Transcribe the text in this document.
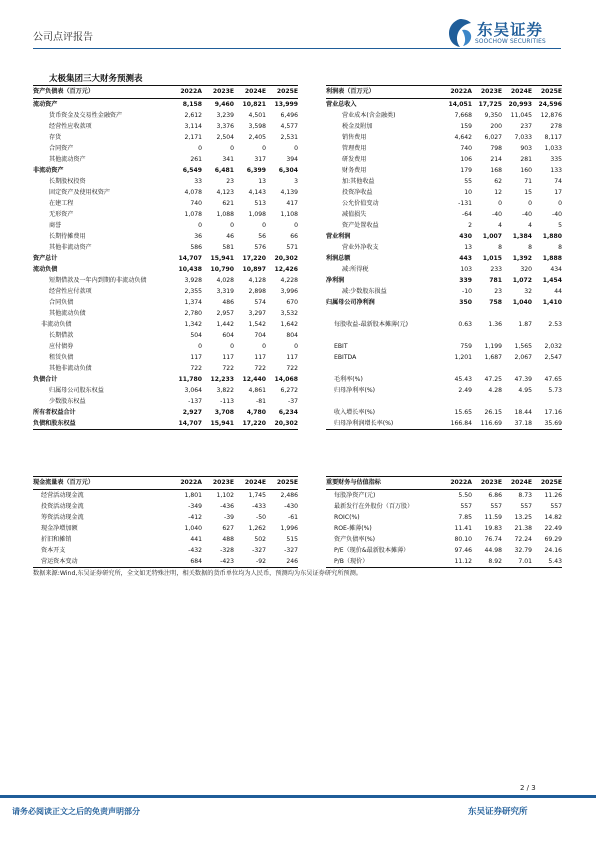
公司点评报告	东吴证券
SOOCHOW SECURITIES
太极集团三大财务预测表
资产负债表（百万元）	2022A	2023E	2024E	2025E
流动资产	8,158	9,460	10,821	13,999
货币资金及交易性金融资产	2,612	3,239	4,501	6,496
经营性应收款项	3,114	3,376	3,598	4,577
存货	2,171	2,504	2,405	2,531
合同资产	0	0	0	0
其他流动资产	261	341	317	394
非流动资产	6,549	6,481	6,399	6,304
长期股权投资	33	23	13	3
固定资产及使用权资产	4,078	4,123	4,143	4,139
在建工程	740	621	513	417
无形资产	1,078	1,088	1,098	1,108
商誉	0	0	0	0
长期待摊费用	36	46	56	66
其他非流动资产	586	581	576	571
资产总计	14,707	15,941	17,220	20,302
流动负债	10,438	10,790	10,897	12,426
短期借款及一年内到期的非流动负债	3,928	4,028	4,128	4,228
经营性应付款项	2,355	3,319	2,898	3,996
合同负债	1,374	486	574	670
其他流动负债	2,780	2,957	3,297	3,532
非流动负债	1,342	1,442	1,542	1,642
长期借款	504	604	704	804
应付债券	0	0	0	0
租赁负债	117	117	117	117
其他非流动负债	722	722	722	722
负债合计	11,780	12,233	12,440	14,068
归属母公司股东权益	3,064	3,822	4,861	6,272
少数股东权益	-137	-113	-81	-37
所有者权益合计	2,927	3,708	4,780	6,234
负债和股东权益	14,707	15,941	17,220	20,302
利润表（百万元）	2022A	2023E	2024E	2025E
营业总收入	14,051	17,725	20,993	24,596
营业成本(含金融类)	7,668	9,350	11,045	12,876
税金及附加	159	200	237	278
销售费用	4,642	6,027	7,033	8,117
管理费用	740	798	903	1,033
研发费用	106	214	281	335
财务费用	179	168	160	133
加:其他收益	55	62	71	74
投资净收益	10	12	15	17
公允价值变动	-131	0	0	0
减值损失	-64	-40	-40	-40
资产处置收益	2	4	4	5
营业利润	430	1,007	1,384	1,880
营业外净收支	13	8	8	8
利润总额	443	1,015	1,392	1,888
减:所得税	103	233	320	434
净利润	339	781	1,072	1,454
减:少数股东损益	-10	23	32	44
归属母公司净利润	350	758	1,040	1,410

每股收益-最新股本摊薄(元)	0.63	1.36	1.87	2.53

EBIT	759	1,199	1,565	2,032
EBITDA	1,201	1,687	2,067	2,547

毛利率(%)	45.43	47.25	47.39	47.65
归母净利率(%)	2.49	4.28	4.95	5.73

收入增长率(%)	15.65	26.15	18.44	17.16
归母净利润增长率(%)	166.84	116.69	37.18	35.69
现金流量表（百万元）	2022A	2023E	2024E	2025E
经营活动现金流	1,801	1,102	1,745	2,486
投资活动现金流	-349	-436	-433	-430
筹资活动现金流	-412	-39	-50	-61
现金净增加额	1,040	627	1,262	1,996
折旧和摊销	441	488	502	515
资本开支	-432	-328	-327	-327
营运资本变动	684	-423	-92	246
重要财务与估值指标	2022A	2023E	2024E	2025E
每股净资产(元)	5.50	6.86	8.73	11.26
最新发行在外股份（百万股）	557	557	557	557
ROIC(%)	7.85	11.59	13.25	14.82
ROE-摊薄(%)	11.41	19.83	21.38	22.49
资产负债率(%)	80.10	76.74	72.24	69.29
P/E（现价&最新股本摊薄）	97.46	44.98	32.79	24.16
P/B（现价）	11.12	8.92	7.01	5.43
数据来源:Wind,东吴证券研究所，全文如无特殊注明，相关数据的货币单位均为人民币，预测均为东吴证券研究所预测。
2 / 3
请务必阅读正文之后的免责声明部分	东吴证券研究所
